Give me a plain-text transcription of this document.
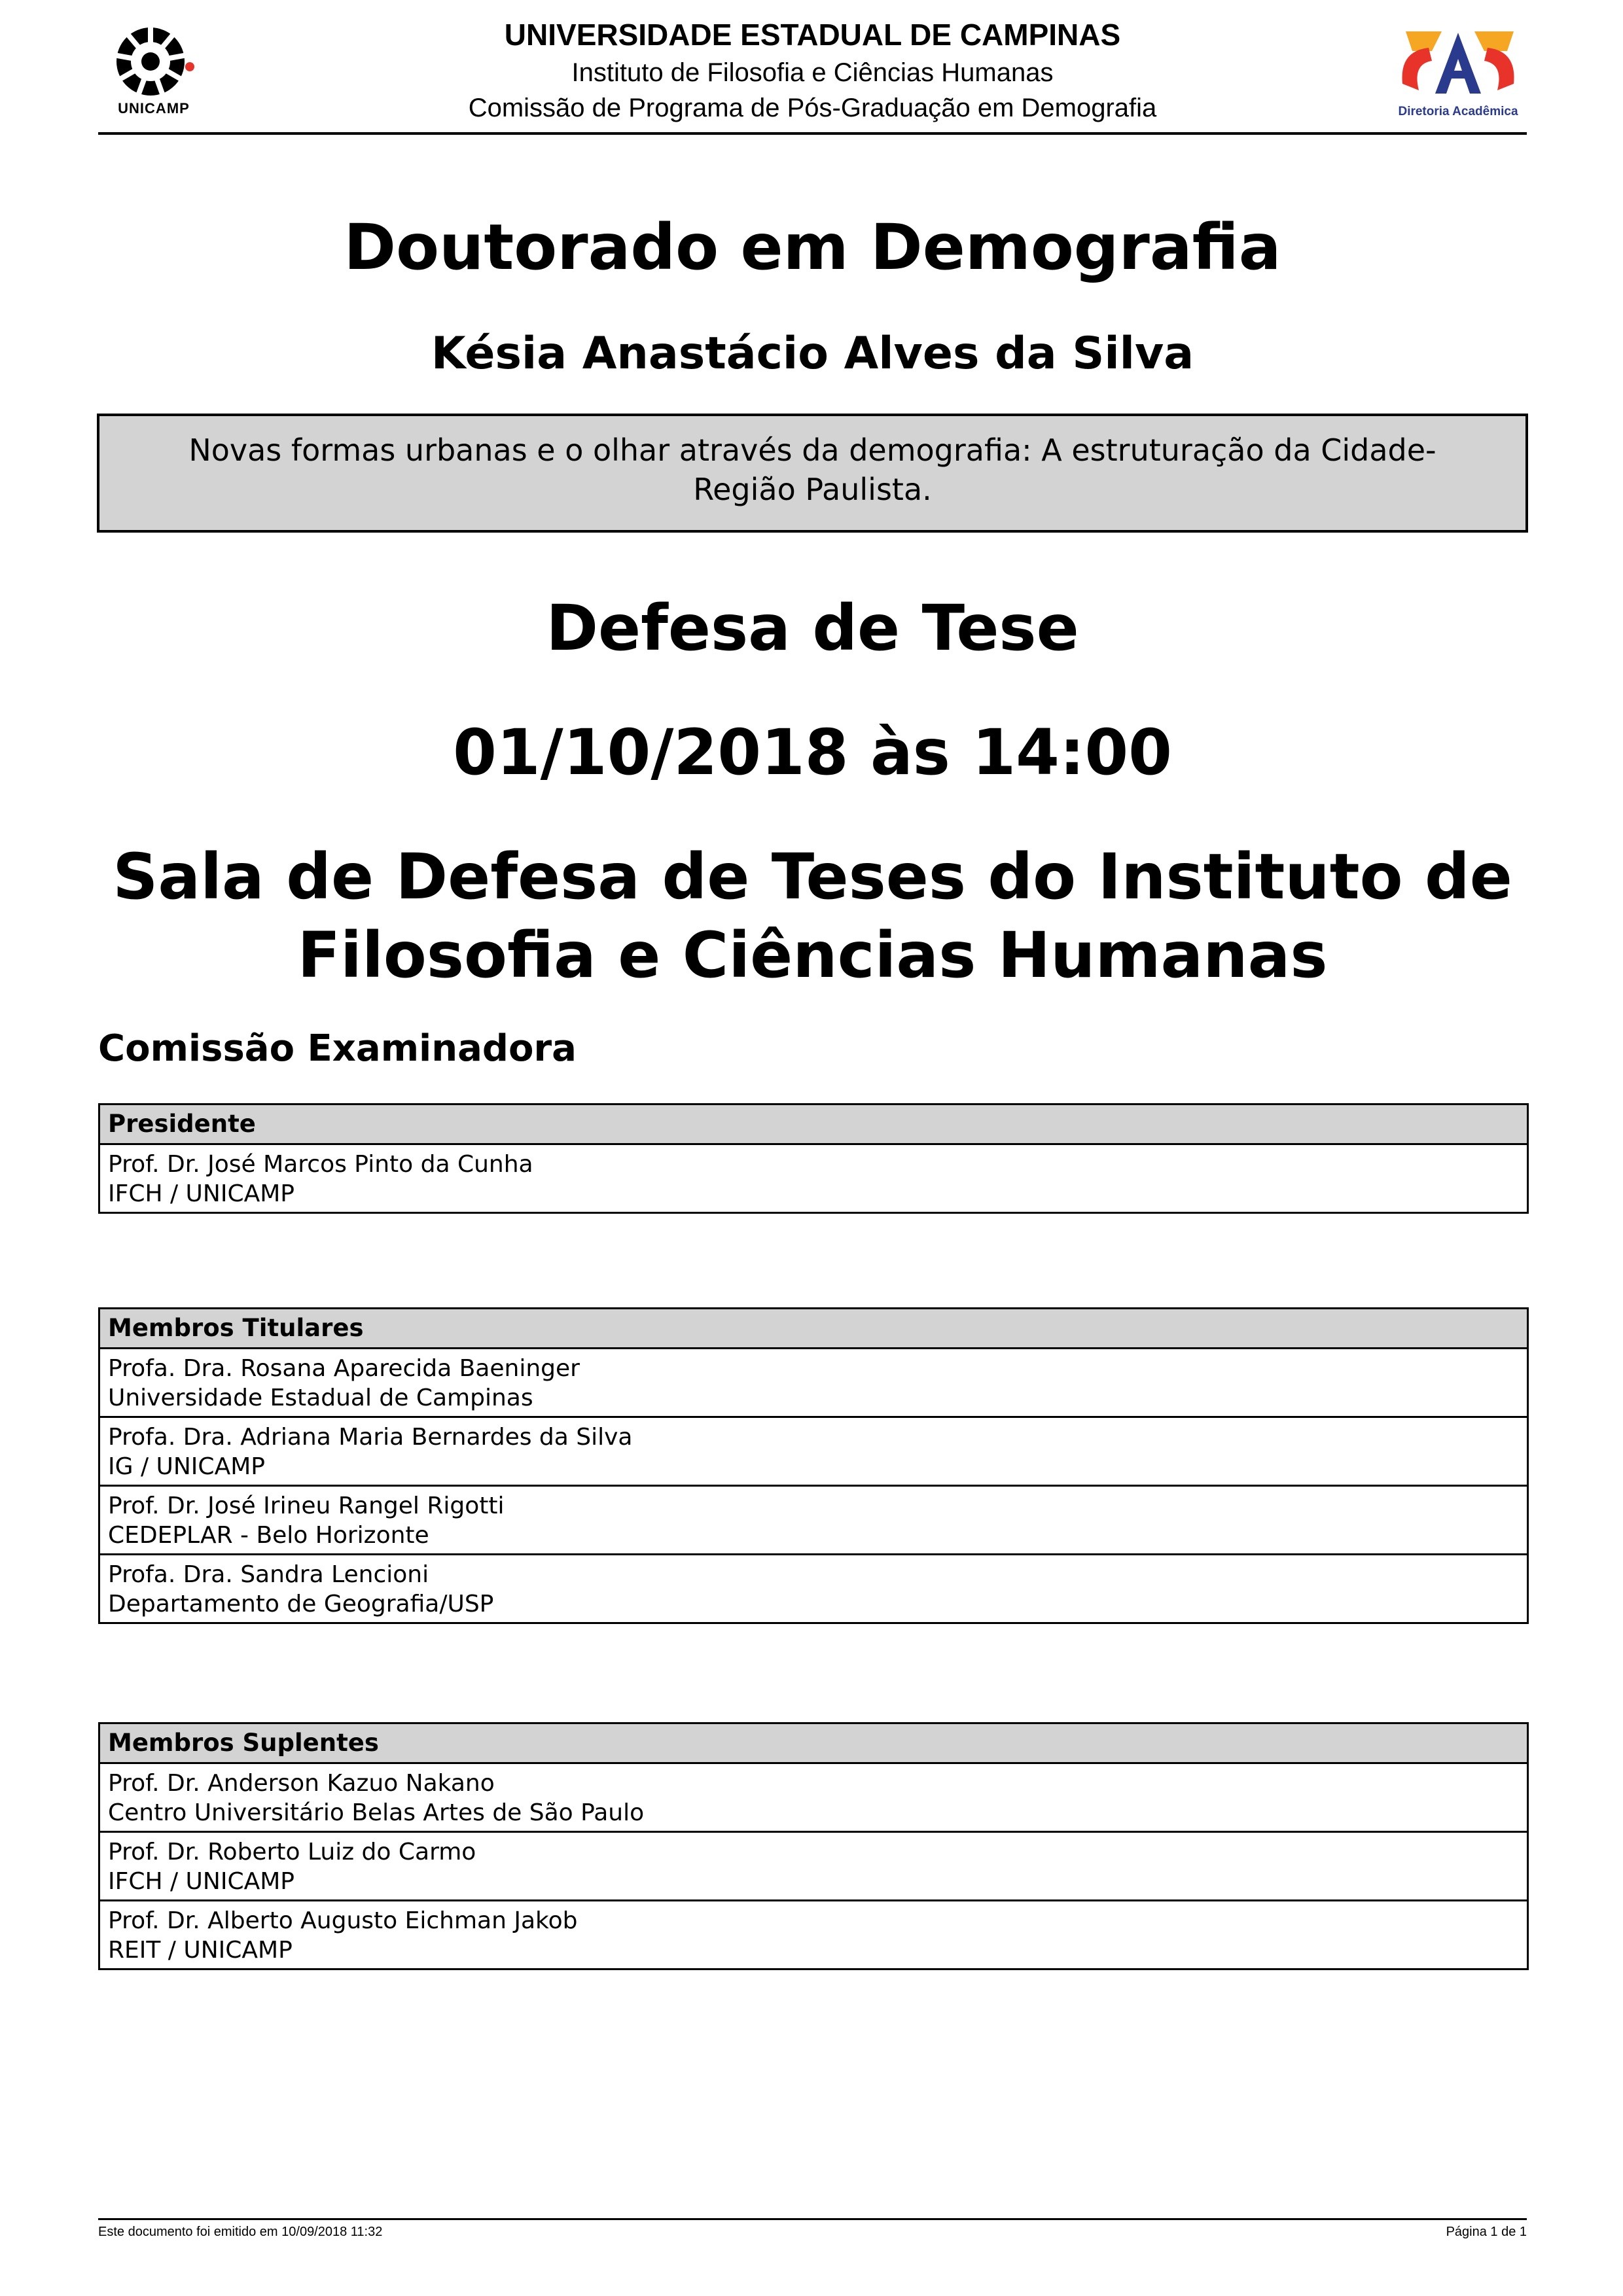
UNICAMP
UNIVERSIDADE ESTADUAL DE CAMPINAS
Instituto de Filosofia e Ciências Humanas
Comissão de Programa de Pós-Graduação em Demografia	Diretoria Acadêmica
Doutorado em Demografia
Késia Anastácio Alves da Silva

Novas formas urbanas e o olhar através da demografia: A estruturação da Cidade-Região Paulista.

Defesa de Tese
01/10/2018 às 14:00
Sala de Defesa de Teses do Instituto de Filosofia e Ciências Humanas
Comissão Examinadora
Presidente
Prof. Dr. José Marcos Pinto da Cunha
IFCH / UNICAMP
Membros Titulares
Profa. Dra. Rosana Aparecida Baeninger
Universidade Estadual de Campinas
Profa. Dra. Adriana Maria Bernardes da Silva
IG / UNICAMP
Prof. Dr. José Irineu Rangel Rigotti
CEDEPLAR - Belo Horizonte
Profa. Dra. Sandra Lencioni
Departamento de Geografia/USP
Membros Suplentes
Prof. Dr. Anderson Kazuo Nakano
Centro Universitário Belas Artes de São Paulo
Prof. Dr. Roberto Luiz do Carmo
IFCH / UNICAMP
Prof. Dr. Alberto Augusto Eichman Jakob
REIT / UNICAMP
Este documento foi emitido em 10/09/2018 11:32	Página 1 de 1
